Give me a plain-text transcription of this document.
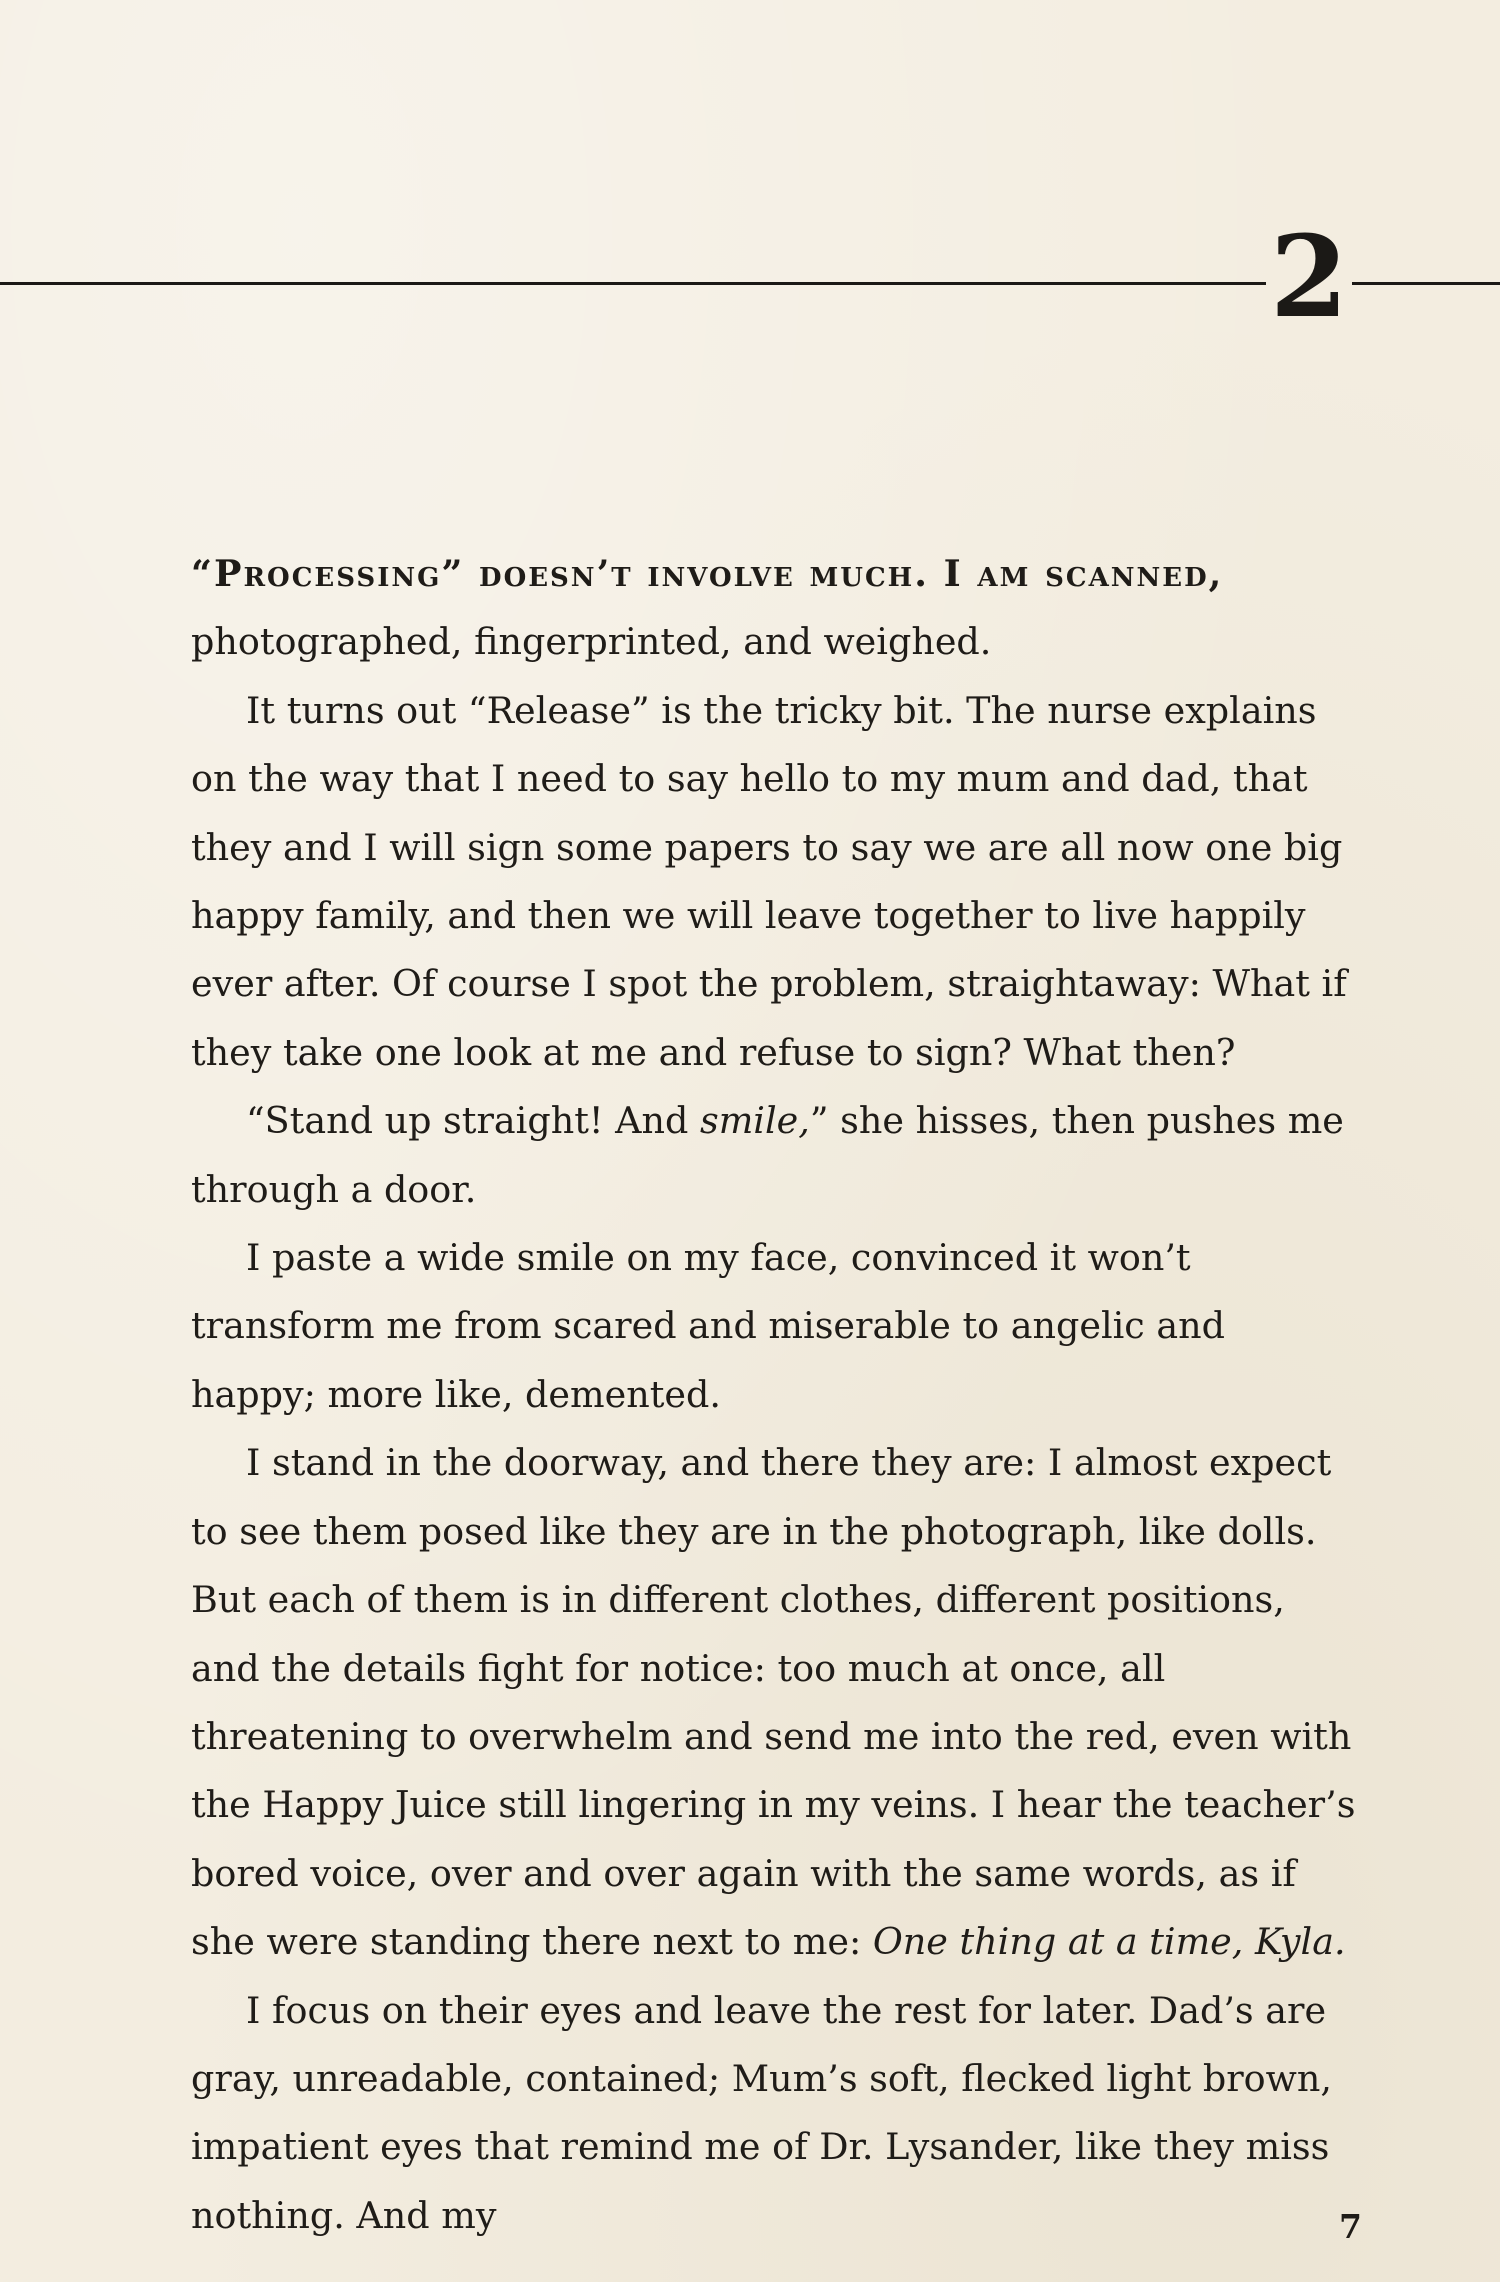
2

“Processing” doesn’t involve much. I am scanned, photographed, fingerprinted, and weighed.

It turns out “Release” is the tricky bit. The nurse explains on the way that I need to say hello to my mum and dad, that they and I will sign some papers to say we are all now one big happy family, and then we will leave together to live happily ever after. Of course I spot the problem, straightaway: What if they take one look at me and refuse to sign? What then?

“Stand up straight! And smile,” she hisses, then pushes me through a door.

I paste a wide smile on my face, convinced it won’t transform me from scared and miserable to angelic and happy; more like, demented.

I stand in the doorway, and there they are: I almost expect to see them posed like they are in the photograph, like dolls. But each of them is in different clothes, different positions, and the details fight for notice: too much at once, all threatening to overwhelm and send me into the red, even with the Happy Juice still lingering in my veins. I hear the teacher’s bored voice, over and over again with the same words, as if she were standing there next to me: One thing at a time, Kyla.

I focus on their eyes and leave the rest for later. Dad’s are gray, unreadable, contained; Mum’s soft, flecked light brown, impatient eyes that remind me of Dr. Lysander, like they miss nothing. And my	7
